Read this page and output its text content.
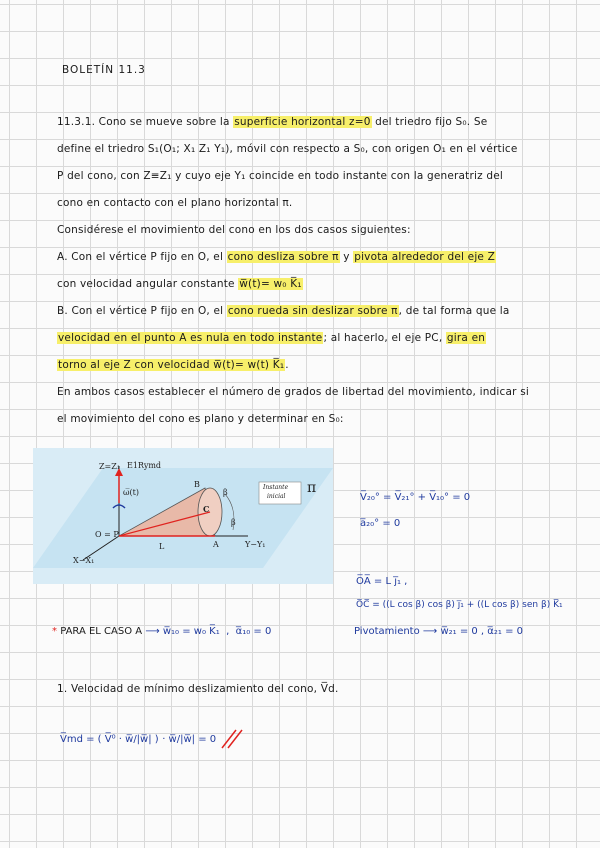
BOLETÍN 11.3
11.3.1. Cono se mueve sobre la superficie horizontal z=0 del triedro fijo S₀. Se
define el triedro S₁(O₁; X₁ Z₁ Y₁), móvil con respecto a S₀, con origen O₁ en el vértice
P del cono, con Z≡Z₁ y cuyo eje Y₁ coincide en todo instante con la generatriz del
cono en contacto con el plano horizontal π.
Considérese el movimiento del cono en los dos casos siguientes:
A. Con el vértice P fijo en O, el cono desliza sobre π y pivota alrededor del eje Z
con velocidad angular constante w̅(t)= w₀ K̅₁
B. Con el vértice P fijo en O, el cono rueda sin deslizar sobre π, de tal forma que la
velocidad en el punto A es nula en todo instante; al hacerlo, el eje PC, gira en
torno al eje Z con velocidad w̅(t)= w(t) K̅₁.
En ambos casos establecer el número de grados de libertad del movimiento, indicar si
el movimiento del cono es plano y determinar en S₀:
Z=Z₁ E1Rymd
ω̅(t)
B
β
β
C
Instante
inicial
π
O = P
L	A	Y−Y₁
X−X₁
V̅₂₀° = V̅₂₁° + V̅₁₀° = 0
a̅₂₀° = 0
O̅A̅ = L j̅₁ ,
O̅C̅ = ((L cos β) cos β) j̅₁ + ((L cos β) sen β) K̅₁
* PARA EL CASO A ⟶ w̅₁₀ = w₀ K̅₁  ,  α̅₁₀ = 0	Pivotamiento ⟶ w̅₂₁ = 0 , α̅₂₁ = 0
1. Velocidad de mínimo deslizamiento del cono, V̅d.
V̅md = ( V̅⁰ · w̅/|w̅| ) · w̅/|w̅| = 0
